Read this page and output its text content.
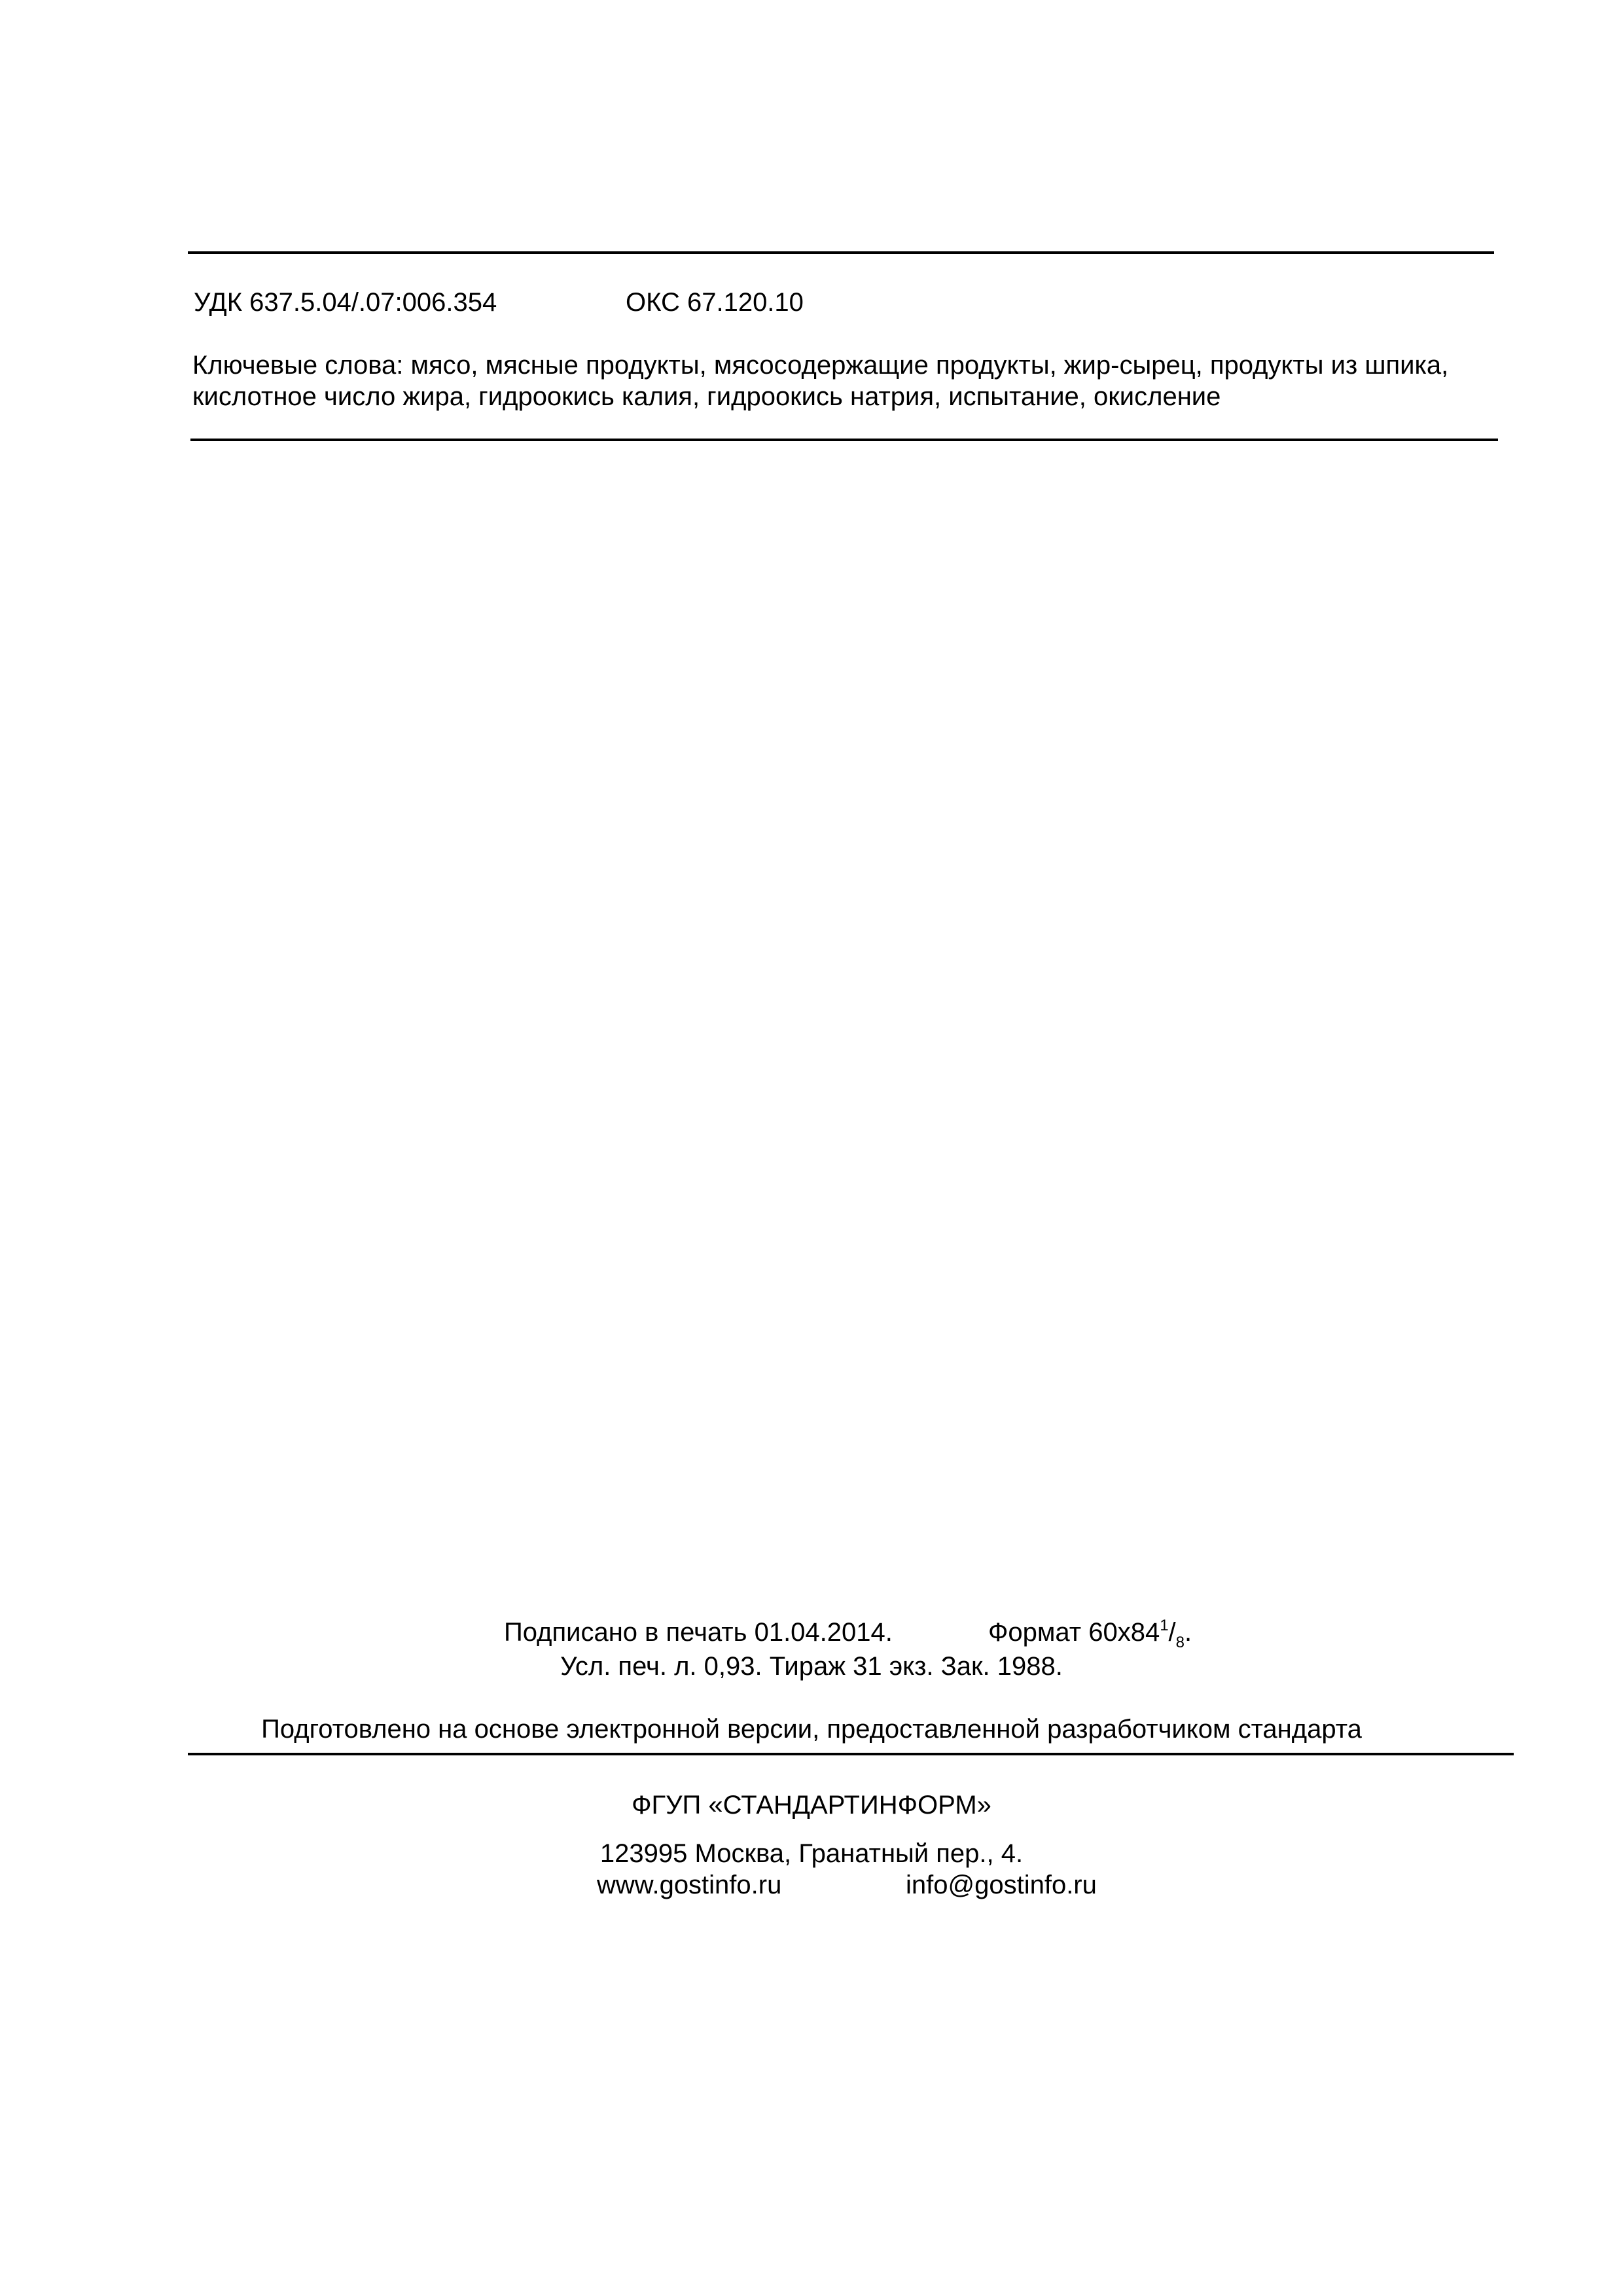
УДК 637.5.04/.07:006.354	ОКС 67.120.10
Ключевые слова: мясо, мясные продукты, мясосодержащие продукты, жир-сырец, продукты из шпика,
кислотное число жира, гидроокись калия, гидроокись натрия, испытание, окисление
Подписано в печать 01.04.2014.	Формат $60х84^1/_8$.
Усл. печ. л. 0,93. Тираж 31 экз. Зак. 1988.
Подготовлено на основе электронной версии, предоставленной разработчиком стандарта
ФГУП «СТАНДАРТИНФОРМ»
123995 Москва, Гранатный пер., 4.
www.gostinfo.ru	info@gostinfo.ru
